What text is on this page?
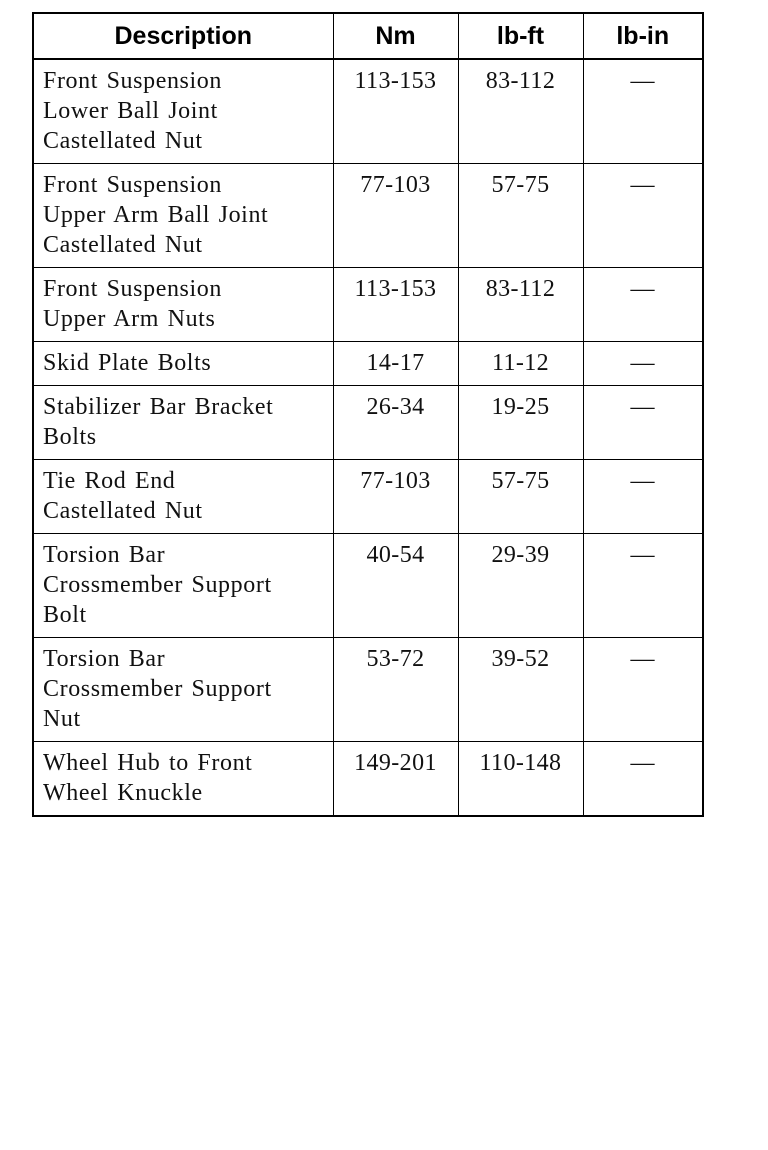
Description	Nm	lb-ft	lb-in

Front Suspension
Lower Ball Joint
Castellated Nut	113-153	83-112	—

Front Suspension
Upper Arm Ball Joint
Castellated Nut	77-103	57-75	—

Front Suspension
Upper Arm Nuts	113-153	83-112	—

Skid Plate Bolts	14-17	11-12	—

Stabilizer Bar Bracket
Bolts	26-34	19-25	—

Tie Rod End
Castellated Nut	77-103	57-75	—

Torsion Bar
Crossmember Support
Bolt	40-54	29-39	—

Torsion Bar
Crossmember Support
Nut	53-72	39-52	—

Wheel Hub to Front
Wheel Knuckle	149-201	110-148	—
